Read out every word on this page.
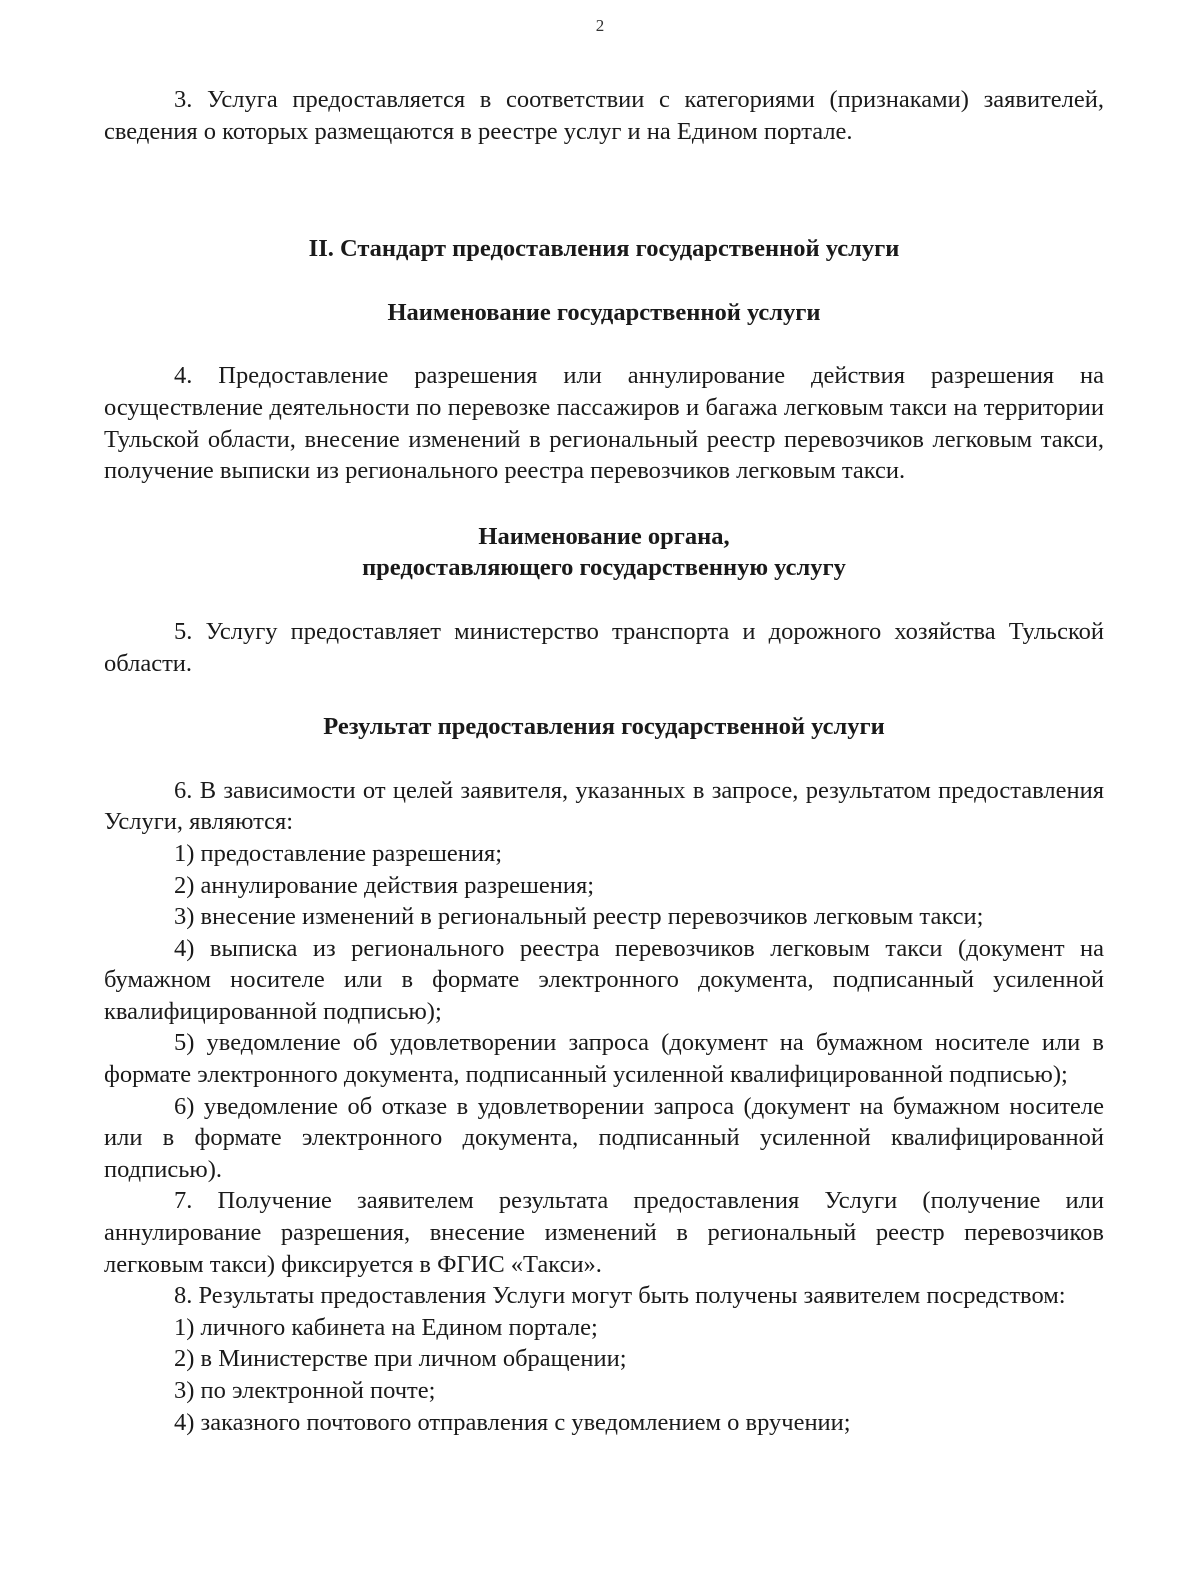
2

3. Услуга предоставляется в соответствии с категориями (признаками) заявителей, сведения о которых размещаются в реестре услуг и на Едином портале.

II. Стандарт предоставления государственной услуги
Наименование государственной услуги

4. Предоставление разрешения или аннулирование действия разрешения на осуществление деятельности по перевозке пассажиров и багажа легковым такси на территории Тульской области, внесение изменений в региональный реестр перевозчиков легковым такси, получение выписки из регионального реестра перевозчиков легковым такси.

Наименование органа,
предоставляющего государственную услугу

5. Услугу предоставляет министерство транспорта и дорожного хозяйства Тульской области.

Результат предоставления государственной услуги

6. В зависимости от целей заявителя, указанных в запросе, результатом предоставления Услуги, являются:

1) предоставление разрешения;

2) аннулирование действия разрешения;

3) внесение изменений в региональный реестр перевозчиков легковым такси;

4) выписка из регионального реестра перевозчиков легковым такси (документ на бумажном носителе или в формате электронного документа, подписанный усиленной квалифицированной подписью);

5) уведомление об удовлетворении запроса (документ на бумажном носителе или в формате электронного документа, подписанный усиленной квалифицированной подписью);

6) уведомление об отказе в удовлетворении запроса (документ на бумажном носителе или в формате электронного документа, подписанный усиленной квалифицированной подписью).

7. Получение заявителем результата предоставления Услуги (получение или аннулирование разрешения, внесение изменений в региональный реестр перевозчиков легковым такси) фиксируется в ФГИС «Такси».

8. Результаты предоставления Услуги могут быть получены заявителем посредством:

1) личного кабинета на Едином портале;

2) в Министерстве при личном обращении;

3) по электронной почте;

4) заказного почтового отправления с уведомлением о вручении;
